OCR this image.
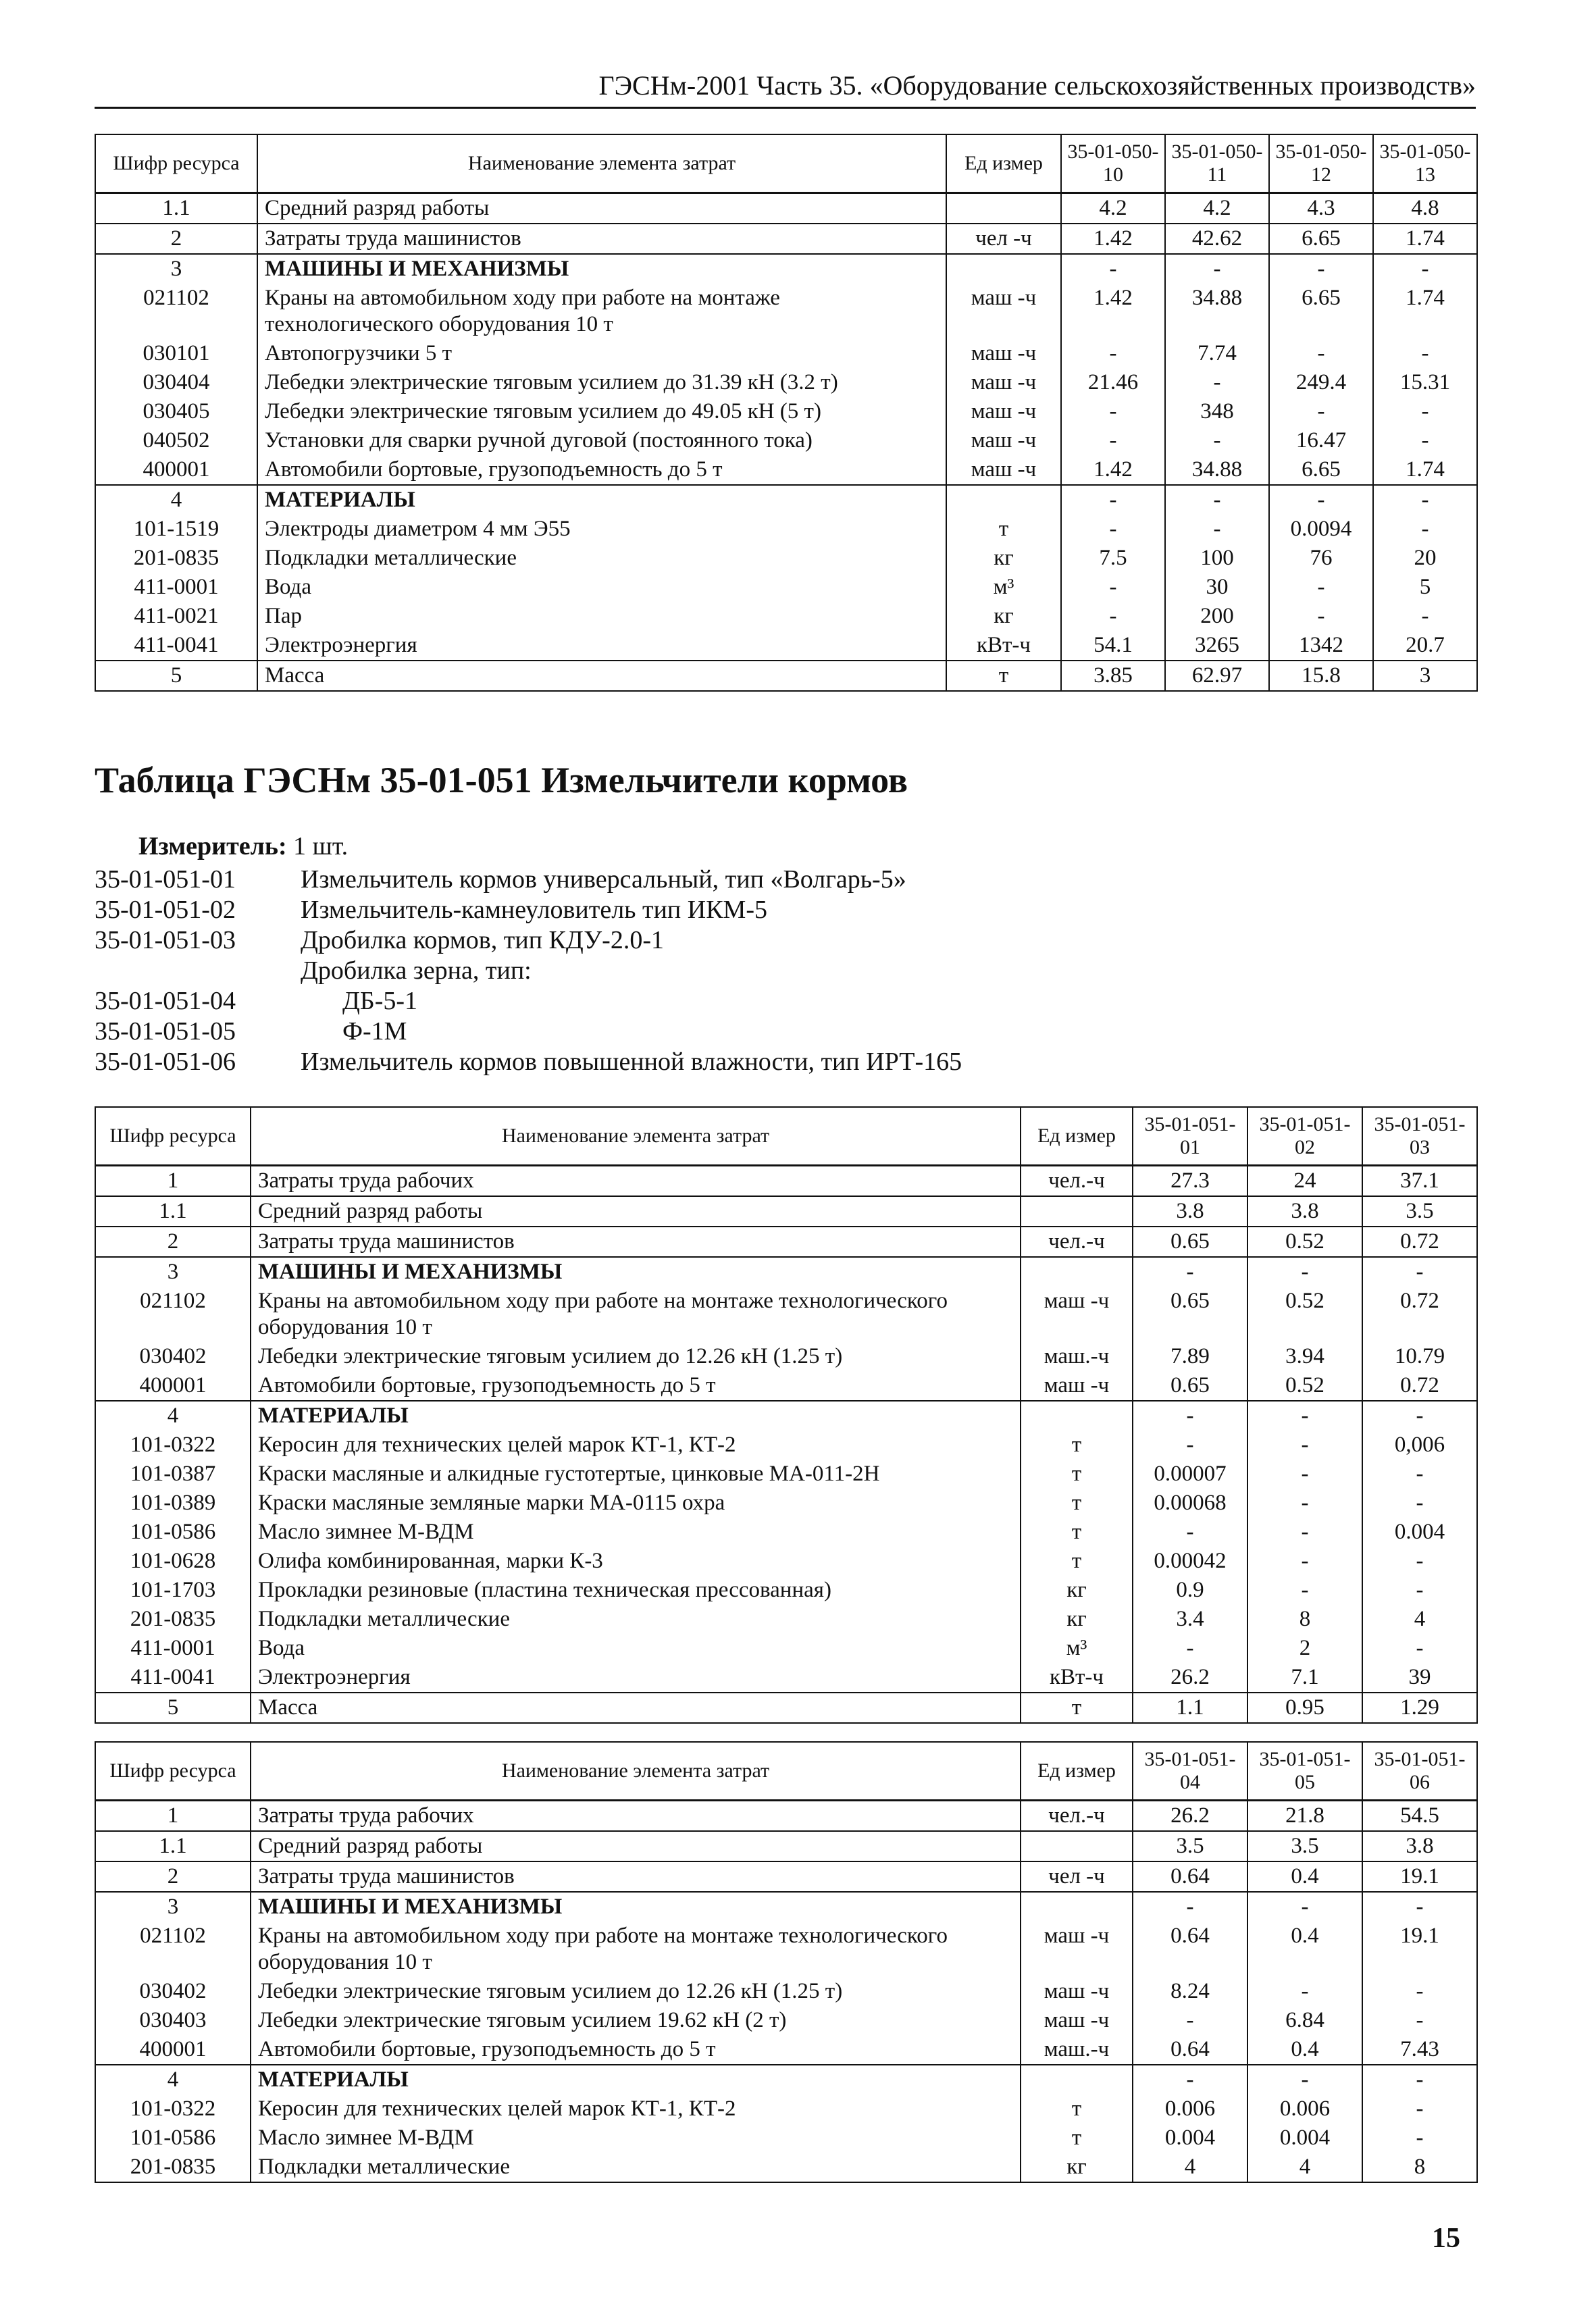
ГЭСНм-2001 Часть 35. «Оборудование сельскохозяйственных производств»
Шифр ресурса	Наименование элемента затрат	Ед измер	35-01-050-10	35-01-050-11	35-01-050-12	35-01-050-13
1.1	Средний разряд работы		4.2	4.2	4.3	4.8
2	Затраты труда машинистов	чел -ч	1.42	42.62	6.65	1.74
3	МАШИНЫ И МЕХАНИЗМЫ		-	-	-	-
021102	Краны на автомобильном ходу при работе на монтаже технологического оборудования 10 т	маш -ч	1.42	34.88	6.65	1.74
030101	Автопогрузчики 5 т	маш -ч	-	7.74	-	-
030404	Лебедки электрические тяговым усилием до 31.39 кН (3.2 т)	маш -ч	21.46	-	249.4	15.31
030405	Лебедки электрические тяговым усилием до 49.05 кН (5 т)	маш -ч	-	348	-	-
040502	Установки для сварки ручной дуговой (постоянного тока)	маш -ч	-	-	16.47	-
400001	Автомобили бортовые, грузоподъемность до 5 т	маш -ч	1.42	34.88	6.65	1.74
4	МАТЕРИАЛЫ		-	-	-	-
101-1519	Электроды диаметром 4 мм Э55	т	-	-	0.0094	-
201-0835	Подкладки металлические	кг	7.5	100	76	20
411-0001	Вода	м³	-	30	-	5
411-0021	Пар	кг	-	200	-	-
411-0041	Электроэнергия	кВт-ч	54.1	3265	1342	20.7
5	Масса	т	3.85	62.97	15.8	3
Таблица ГЭСНм 35-01-051 Измельчители кормов
Измеритель: 1 шт.
35-01-051-01	Измельчитель кормов универсальный, тип «Волгарь-5»
35-01-051-02	Измельчитель-камнеуловитель тип ИКМ-5
35-01-051-03	Дробилка кормов, тип КДУ-2.0-1
Дробилка зерна, тип:
35-01-051-04	ДБ-5-1
35-01-051-05	Ф-1М
35-01-051-06	Измельчитель кормов повышенной влажности, тип ИРТ-165
Шифр ресурса	Наименование элемента затрат	Ед измер	35-01-051-01	35-01-051-02	35-01-051-03
1	Затраты труда рабочих	чел.-ч	27.3	24	37.1
1.1	Средний разряд работы		3.8	3.8	3.5
2	Затраты труда машинистов	чел.-ч	0.65	0.52	0.72
3	МАШИНЫ И МЕХАНИЗМЫ		-	-	-
021102	Краны на автомобильном ходу при работе на монтаже технологического оборудования 10 т	маш -ч	0.65	0.52	0.72
030402	Лебедки электрические тяговым усилием до 12.26 кН (1.25 т)	маш.-ч	7.89	3.94	10.79
400001	Автомобили бортовые, грузоподъемность до 5 т	маш -ч	0.65	0.52	0.72
4	МАТЕРИАЛЫ		-	-	-
101-0322	Керосин для технических целей марок КТ-1, КТ-2	т	-	-	0,006
101-0387	Краски масляные и алкидные густотертые, цинковые МА-011-2Н	т	0.00007	-	-
101-0389	Краски масляные земляные марки МА-0115 охра	т	0.00068	-	-
101-0586	Масло зимнее М-ВДМ	т	-	-	0.004
101-0628	Олифа комбинированная, марки К-3	т	0.00042	-	-
101-1703	Прокладки резиновые (пластина техническая прессованная)	кг	0.9	-	-
201-0835	Подкладки металлические	кг	3.4	8	4
411-0001	Вода	м³	-	2	-
411-0041	Электроэнергия	кВт-ч	26.2	7.1	39
5	Масса	т	1.1	0.95	1.29
Шифр ресурса	Наименование элемента затрат	Ед измер	35-01-051-04	35-01-051-05	35-01-051-06
1	Затраты труда рабочих	чел.-ч	26.2	21.8	54.5
1.1	Средний разряд работы		3.5	3.5	3.8
2	Затраты труда машинистов	чел -ч	0.64	0.4	19.1
3	МАШИНЫ И МЕХАНИЗМЫ		-	-	-
021102	Краны на автомобильном ходу при работе на монтаже технологического оборудования 10 т	маш -ч	0.64	0.4	19.1
030402	Лебедки электрические тяговым усилием до 12.26 кН (1.25 т)	маш -ч	8.24	-	-
030403	Лебедки электрические тяговым усилием 19.62 кН (2 т)	маш -ч	-	6.84	-
400001	Автомобили бортовые, грузоподъемность до 5 т	маш.-ч	0.64	0.4	7.43
4	МАТЕРИАЛЫ		-	-	-
101-0322	Керосин для технических целей марок КТ-1, КТ-2	т	0.006	0.006	-
101-0586	Масло зимнее М-ВДМ	т	0.004	0.004	-
201-0835	Подкладки металлические	кг	4	4	8
15
